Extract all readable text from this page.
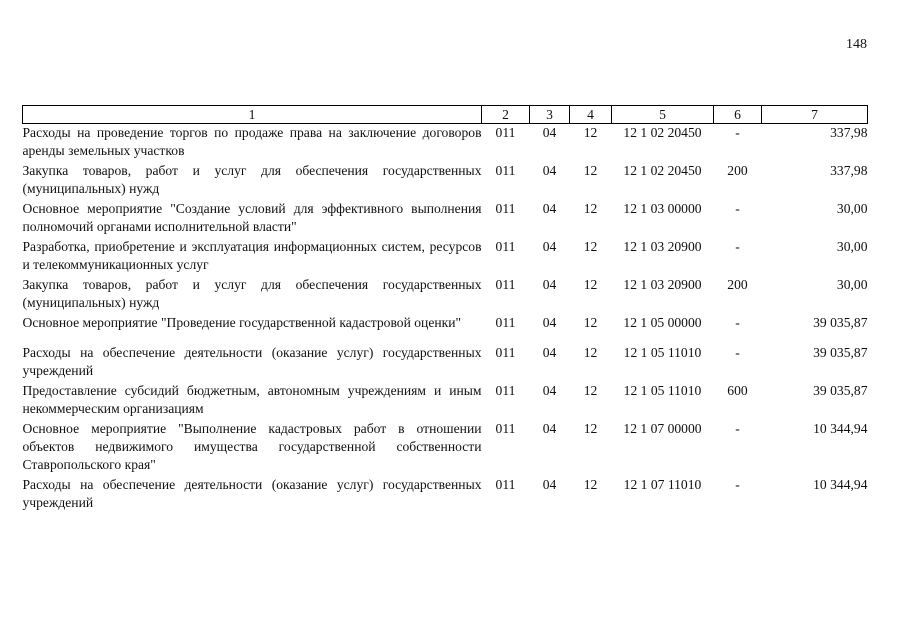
148
1	2	3	4	5	6	7
Расходы на проведение торгов по продаже права на заключение договоров аренды земельных участков	011	04	12	12 1 02 20450	-	337,98
Закупка товаров, работ и услуг для обеспечения государственных (муниципальных) нужд	011	04	12	12 1 02 20450	200	337,98
Основное мероприятие "Создание условий для эффективного выполнения полномочий органами исполнительной власти"	011	04	12	12 1 03 00000	-	30,00
Разработка, приобретение и эксплуатация информационных систем, ресурсов и телекоммуникационных услуг	011	04	12	12 1 03 20900	-	30,00
Закупка товаров, работ и услуг для обеспечения государственных (муниципальных) нужд	011	04	12	12 1 03 20900	200	30,00
Основное мероприятие "Проведение государственной кадастровой оценки"	011	04	12	12 1 05 00000	-	39 035,87
Расходы на обеспечение деятельности (оказание услуг) государственных учреждений	011	04	12	12 1 05 11010	-	39 035,87
Предоставление субсидий бюджетным, автономным учреждениям и иным некоммерческим организациям	011	04	12	12 1 05 11010	600	39 035,87
Основное мероприятие "Выполнение кадастровых работ в отношении объектов недвижимого имущества государственной собственности Ставропольского края"	011	04	12	12 1 07 00000	-	10 344,94
Расходы на обеспечение деятельности (оказание услуг) государственных учреждений	011	04	12	12 1 07 11010	-	10 344,94
